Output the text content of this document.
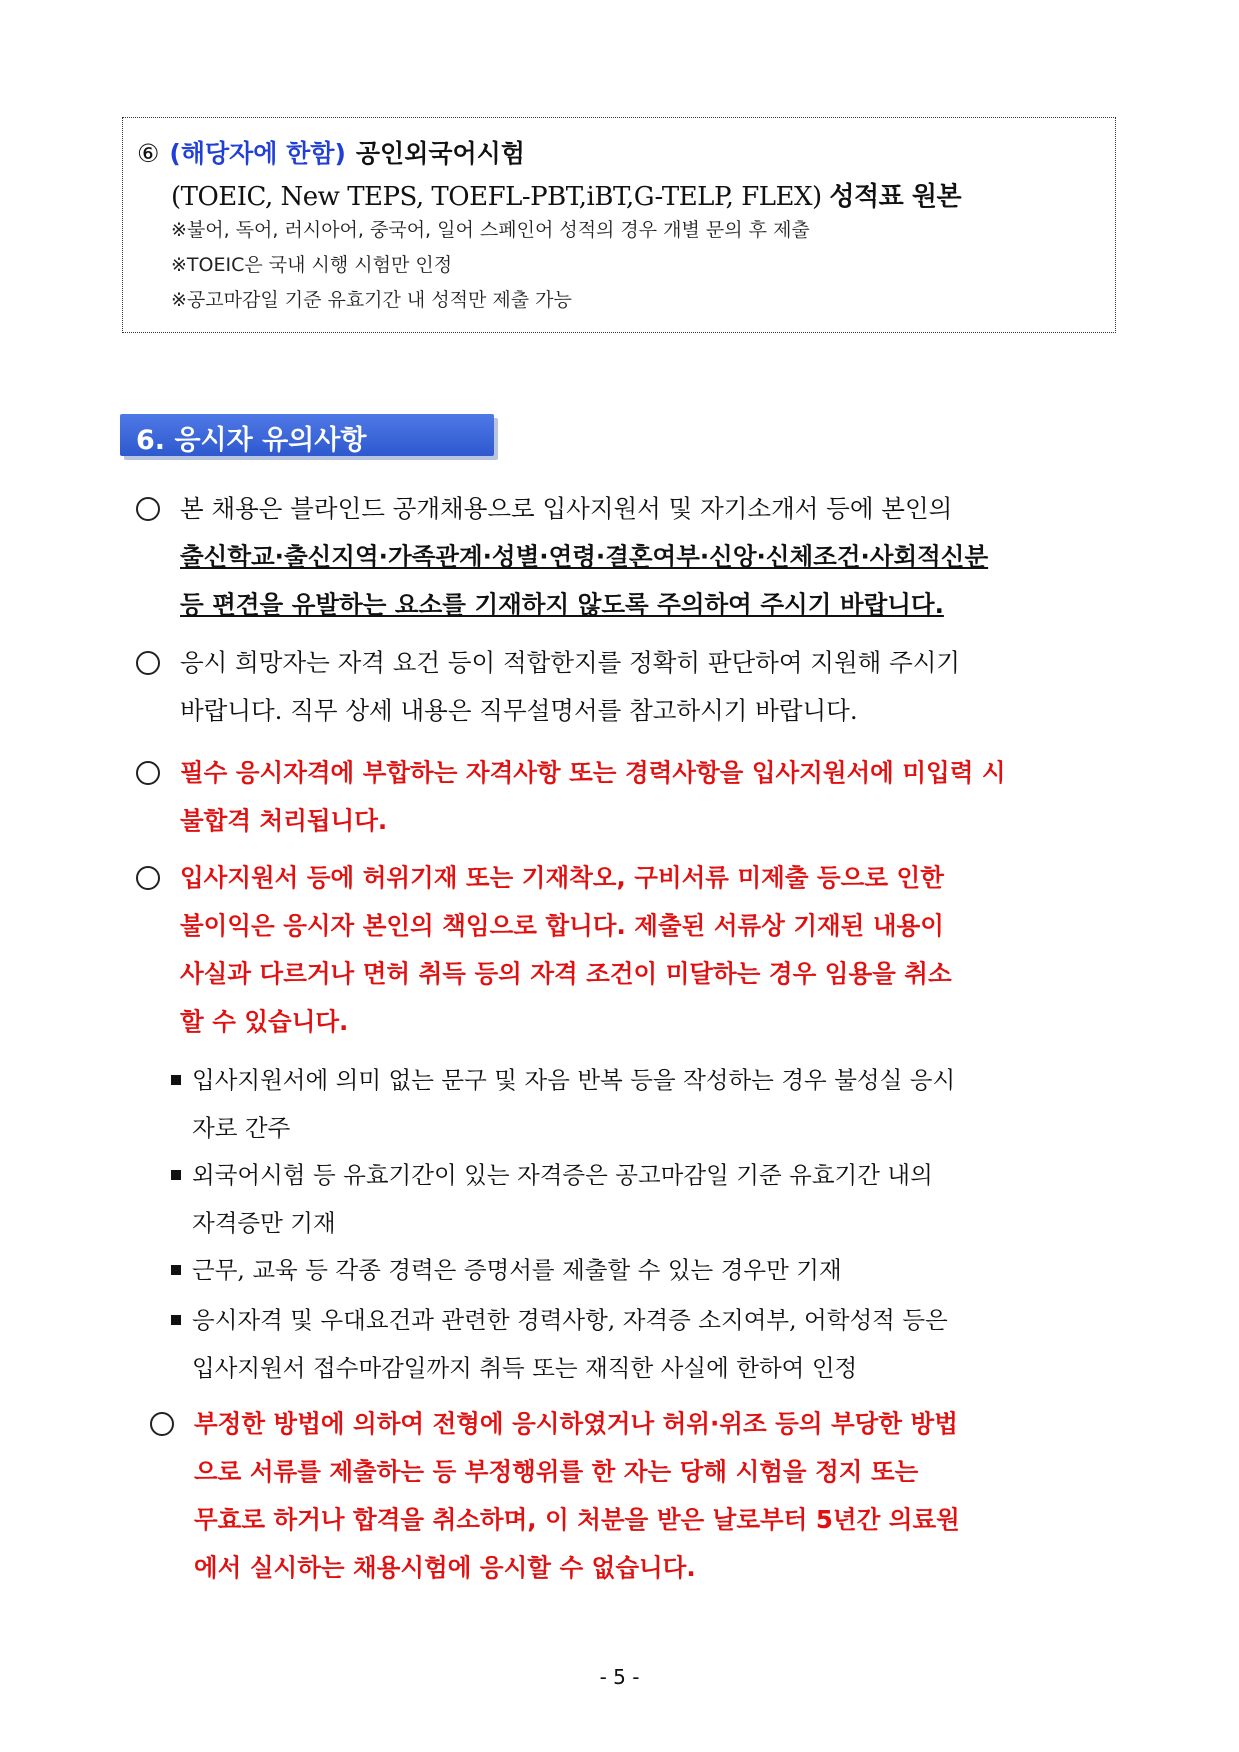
⑥ (해당자에 한함) 공인외국어시험
(TOEIC, New TEPS, TOEFL-PBT,iBT,G-TELP, FLEX) 성적표 원본
※불어, 독어, 러시아어, 중국어, 일어 스페인어 성적의 경우 개별 문의 후 제출
※TOEIC은 국내 시행 시험만 인정
※공고마감일 기준 유효기간 내 성적만 제출 가능
6. 응시자 유의사항
본 채용은 블라인드 공개채용으로 입사지원서 및 자기소개서 등에 본인의
출신학교·출신지역·가족관계·성별·연령·결혼여부·신앙·신체조건·사회적신분
등 편견을 유발하는 요소를 기재하지 않도록 주의하여 주시기 바랍니다.
응시 희망자는 자격 요건 등이 적합한지를 정확히 판단하여 지원해 주시기
바랍니다. 직무 상세 내용은 직무설명서를 참고하시기 바랍니다.
필수 응시자격에 부합하는 자격사항 또는 경력사항을 입사지원서에 미입력 시
불합격 처리됩니다.
입사지원서 등에 허위기재 또는 기재착오, 구비서류 미제출 등으로 인한
불이익은 응시자 본인의 책임으로 합니다. 제출된 서류상 기재된 내용이
사실과 다르거나 면허 취득 등의 자격 조건이 미달하는 경우 임용을 취소
할 수 있습니다.
입사지원서에 의미 없는 문구 및 자음 반복 등을 작성하는 경우 불성실 응시
자로 간주
외국어시험 등 유효기간이 있는 자격증은 공고마감일 기준 유효기간 내의
자격증만 기재
근무, 교육 등 각종 경력은 증명서를 제출할 수 있는 경우만 기재
응시자격 및 우대요건과 관련한 경력사항, 자격증 소지여부, 어학성적 등은
입사지원서 접수마감일까지 취득 또는 재직한 사실에 한하여 인정
부정한 방법에 의하여 전형에 응시하였거나 허위·위조 등의 부당한 방법
으로 서류를 제출하는 등 부정행위를 한 자는 당해 시험을 정지 또는
무효로 하거나 합격을 취소하며, 이 처분을 받은 날로부터 5년간 의료원
에서 실시하는 채용시험에 응시할 수 없습니다.
- 5 -
